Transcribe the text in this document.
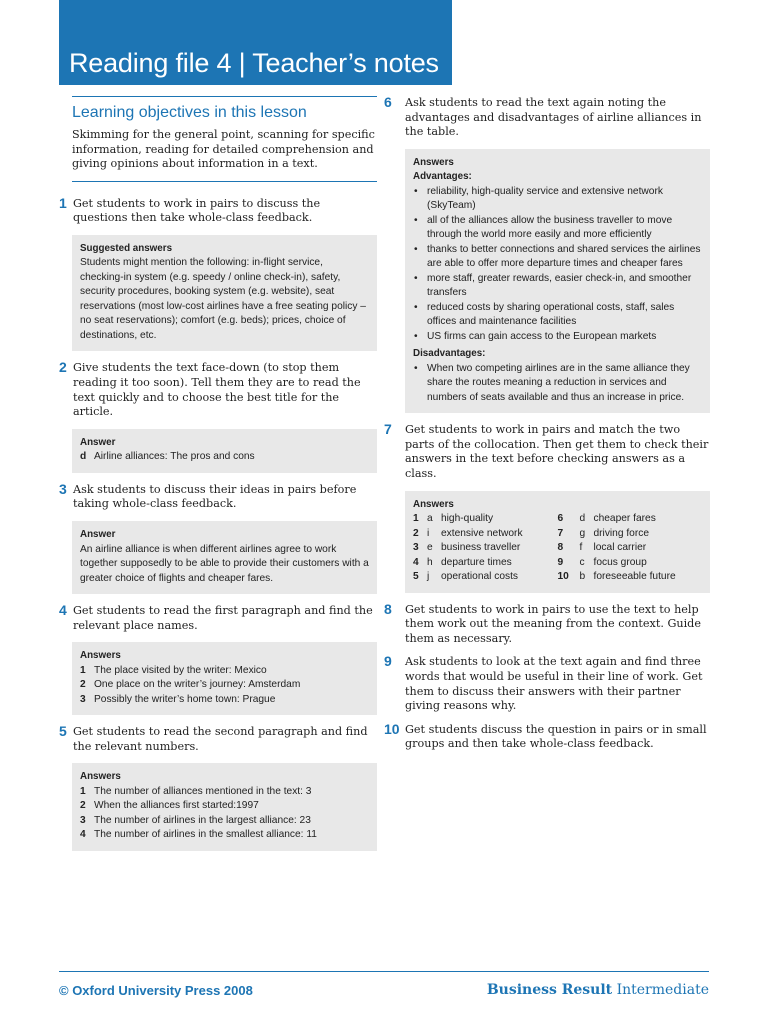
Reading file 4 | Teacher’s notes
Learning objectives in this lesson
Skimming for the general point, scanning for specific information, reading for detailed comprehension and giving opinions about information in a text.
1 Get students to work in pairs to discuss the questions then take whole-class feedback.
Suggested answers
Students might mention the following: in-flight service, checking-in system (e.g. speedy / online check-in), safety, security procedures, booking system (e.g. website), seat reservations (most low-cost airlines have a free seating policy – no seat reservations); comfort (e.g. beds); prices, choice of destinations, etc.
2 Give students the text face-down (to stop them reading it too soon). Tell them they are to read the text quickly and to choose the best title for the article.
Answer
d Airline alliances: The pros and cons
3 Ask students to discuss their ideas in pairs before taking whole-class feedback.
Answer
An airline alliance is when different airlines agree to work together supposedly to be able to provide their customers with a greater choice of flights and cheaper fares.
4 Get students to read the first paragraph and find the relevant place names.
Answers
1 The place visited by the writer: Mexico
2 One place on the writer’s journey: Amsterdam
3 Possibly the writer’s home town: Prague
5 Get students to read the second paragraph and find the relevant numbers.
Answers
1 The number of alliances mentioned in the text: 3
2 When the alliances first started:1997
3 The number of airlines in the largest alliance: 23
4 The number of airlines in the smallest alliance: 11
6 Ask students to read the text again noting the advantages and disadvantages of airline alliances in the table.
Answers
Advantages:
• reliability, high-quality service and extensive network (SkyTeam)
• all of the alliances allow the business traveller to move through the world more easily and more efficiently
• thanks to better connections and shared services the airlines are able to offer more departure times and cheaper fares
• more staff, greater rewards, easier check-in, and smoother transfers
• reduced costs by sharing operational costs, staff, sales offices and maintenance facilities
• US firms can gain access to the European markets
Disadvantages:
• When two competing airlines are in the same alliance they share the routes meaning a reduction in services and numbers of seats available and thus an increase in price.
7 Get students to work in pairs and match the two parts of the collocation. Then get them to check their answers in the text before checking answers as a class.
Answers
1 a high-quality
2 i	extensive network
3 e business traveller
4 h departure times
5 j	operational costs
6	d cheaper fares
7	g driving force
8	f	local carrier
9	c focus group
10	b foreseeable future
8 Get students to work in pairs to use the text to help them work out the meaning from the context. Guide them as necessary.
9 Ask students to look at the text again and find three words that would be useful in their line of work. Get them to discuss their answers with their partner giving reasons why.
10 Get students discuss the question in pairs or in small groups and then take whole-class feedback.
© Oxford University Press 2008	Business Result Intermediate
